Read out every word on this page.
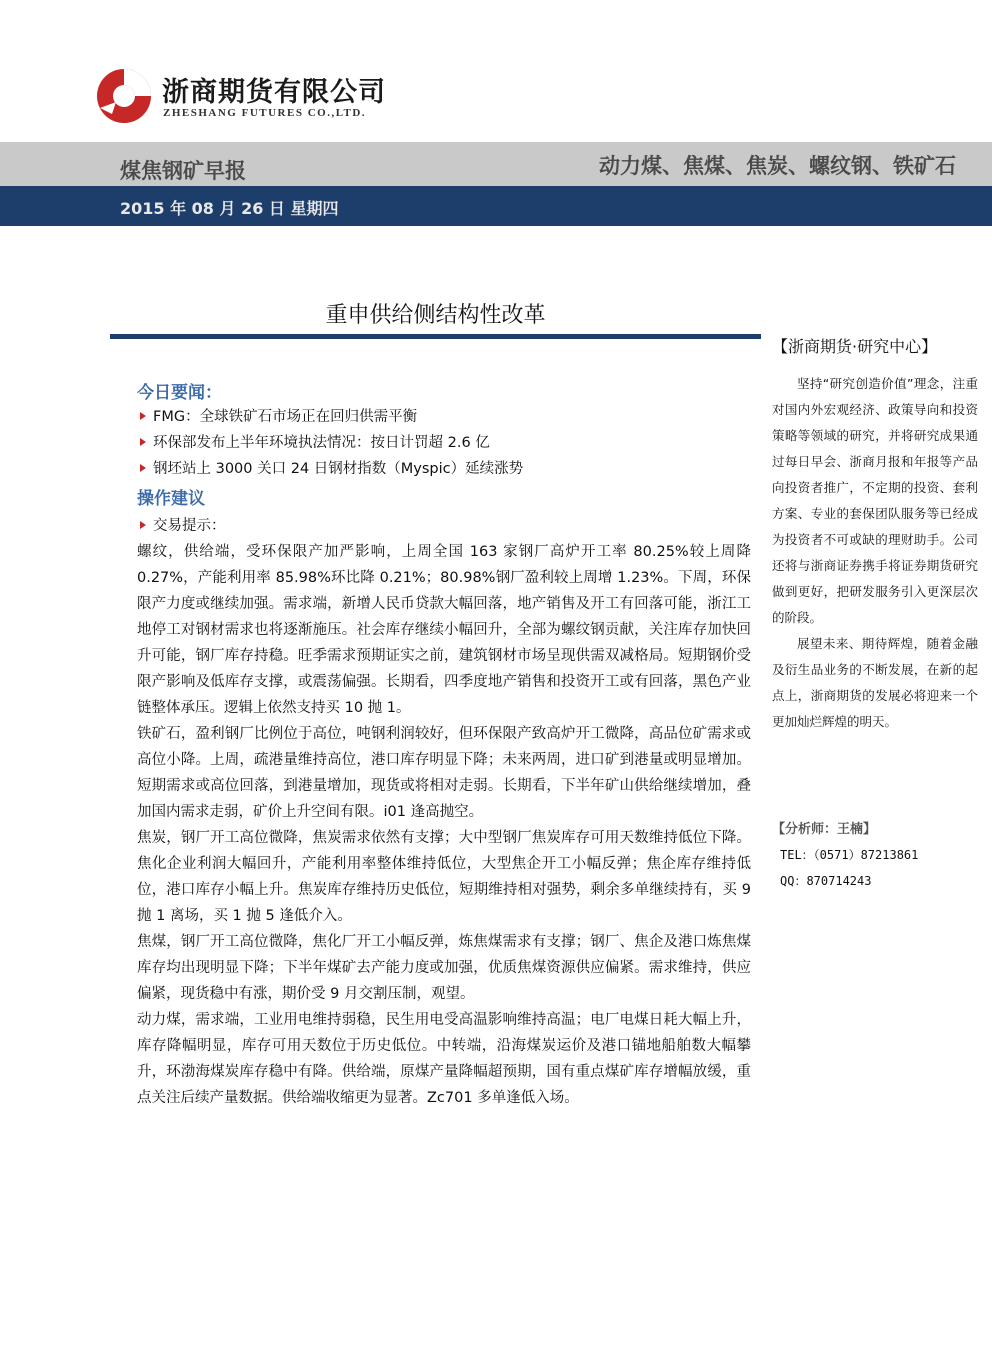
浙商期货有限公司
ZHESHANG FUTURES CO.,LTD.
煤焦钢矿早报	动力煤、焦煤、焦炭、螺纹钢、铁矿石
2015 年 08 月 26 日 星期四
重申供给侧结构性改革
今日要闻：
FMG：全球铁矿石市场正在回归供需平衡
环保部发布上半年环境执法情况：按日计罚超 2.6 亿
钢坯站上 3000 关口 24 日钢材指数（Myspic）延续涨势
操作建议
交易提示：

螺纹，供给端，受环保限产加严影响，上周全国 163 家钢厂高炉开工率 80.25%较上周降 0.27%，产能利用率 85.98%环比降 0.21%；80.98%钢厂盈利较上周增 1.23%。下周，环保限产力度或继续加强。需求端，新增人民币贷款大幅回落，地产销售及开工有回落可能，浙江工地停工对钢材需求也将逐渐施压。社会库存继续小幅回升，全部为螺纹钢贡献，关注库存加快回升可能，钢厂库存持稳。旺季需求预期证实之前，建筑钢材市场呈现供需双减格局。短期钢价受限产影响及低库存支撑，或震荡偏强。长期看，四季度地产销售和投资开工或有回落，黑色产业链整体承压。逻辑上依然支持买 10 抛 1。

铁矿石，盈利钢厂比例位于高位，吨钢利润较好，但环保限产致高炉开工微降，高品位矿需求或高位小降。上周，疏港量维持高位，港口库存明显下降；未来两周，进口矿到港量或明显增加。短期需求或高位回落，到港量增加，现货或将相对走弱。长期看，下半年矿山供给继续增加，叠加国内需求走弱，矿价上升空间有限。i01 逢高抛空。

焦炭，钢厂开工高位微降，焦炭需求依然有支撑；大中型钢厂焦炭库存可用天数维持低位下降。焦化企业利润大幅回升，产能利用率整体维持低位，大型焦企开工小幅反弹；焦企库存维持低位，港口库存小幅上升。焦炭库存维持历史低位，短期维持相对强势，剩余多单继续持有，买 9 抛 1 离场，买 1 抛 5 逢低介入。

焦煤，钢厂开工高位微降，焦化厂开工小幅反弹，炼焦煤需求有支撑；钢厂、焦企及港口炼焦煤库存均出现明显下降；下半年煤矿去产能力度或加强，优质焦煤资源供应偏紧。需求维持，供应偏紧，现货稳中有涨，期价受 9 月交割压制，观望。

动力煤，需求端，工业用电维持弱稳，民生用电受高温影响维持高温；电厂电煤日耗大幅上升，库存降幅明显，库存可用天数位于历史低位。中转端，沿海煤炭运价及港口锚地船舶数大幅攀升，环渤海煤炭库存稳中有降。供给端，原煤产量降幅超预期，国有重点煤矿库存增幅放缓，重点关注后续产量数据。供给端收缩更为显著。Zc701 多单逢低入场。

【浙商期货·研究中心】

坚持“研究创造价值”理念，注重对国内外宏观经济、政策导向和投资策略等领域的研究，并将研究成果通过每日早会、浙商月报和年报等产品向投资者推广，不定期的投资、套利方案、专业的套保团队服务等已经成为投资者不可或缺的理财助手。公司还将与浙商证券携手将证券期货研究做到更好，把研发服务引入更深层次的阶段。

展望未来、期待辉煌，随着金融及衍生品业务的不断发展，在新的起点上，浙商期货的发展必将迎来一个更加灿烂辉煌的明天。

【分析师：王楠】
TEL：（0571）87213861
QQ：870714243
